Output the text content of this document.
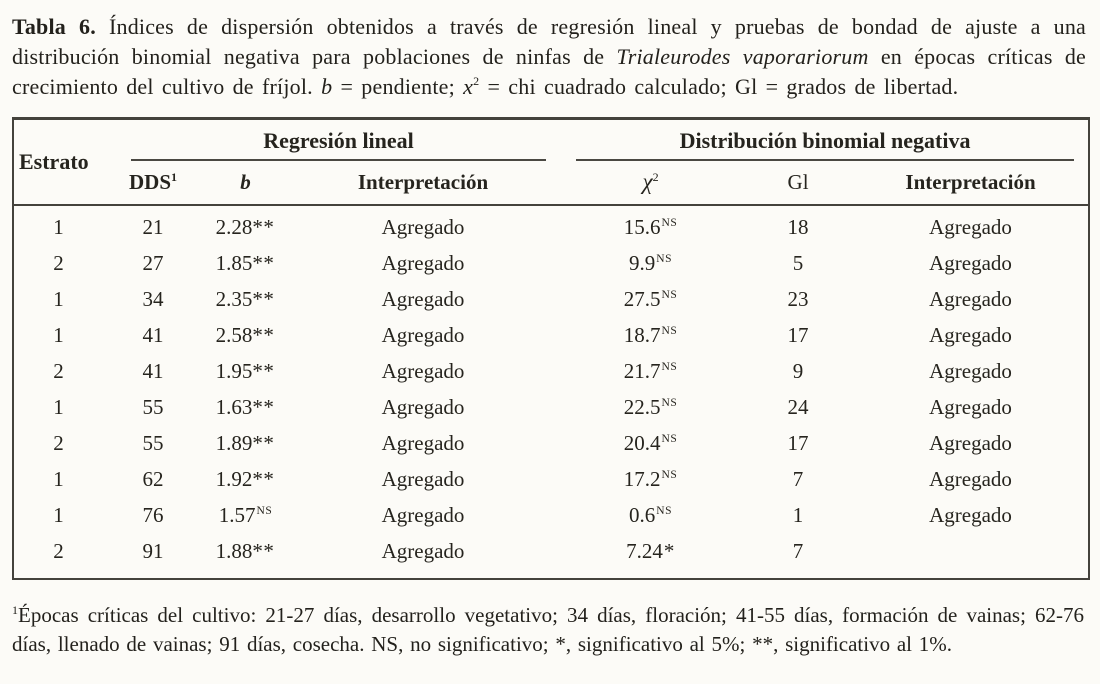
Tabla 6. Índices de dispersión obtenidos a través de regresión lineal y pruebas de bondad de ajuste a una distribución binomial negativa para poblaciones de ninfas de Trialeurodes vaporariorum en épocas críticas de crecimiento del cultivo de fríjol. b = pendiente; $x^2$ = chi cuadrado calculado; Gl = grados de libertad.

Estrato	Regresión lineal			Distribución binomial negativa		

	DDS$^1$	b	Interpretación	$\chi^2$	Gl	Interpretación
1	21	2.28**	Agregado	$15.6^{NS}$	18	Agregado
2	27	1.85**	Agregado	$9.9^{NS}$	5	Agregado
1	34	2.35**	Agregado	$27.5^{NS}$	23	Agregado
1	41	2.58**	Agregado	$18.7^{NS}$	17	Agregado
2	41	1.95**	Agregado	$21.7^{NS}$	9	Agregado
1	55	1.63**	Agregado	$22.5^{NS}$	24	Agregado
2	55	1.89**	Agregado	$20.4^{NS}$	17	Agregado
1	62	1.92**	Agregado	$17.2^{NS}$	7	Agregado
1	76	$1.57^{NS}$	Agregado	$0.6^{NS}$	1	Agregado
2	91	1.88**	Agregado	7.24*	7	

$^1$Épocas críticas del cultivo: 21-27 días, desarrollo vegetativo; 34 días, floración; 41-55 días, formación de vainas; 62-76 días, llenado de vainas; 91 días, cosecha. NS, no significativo; *, significativo al 5%; **, significativo al 1%.
